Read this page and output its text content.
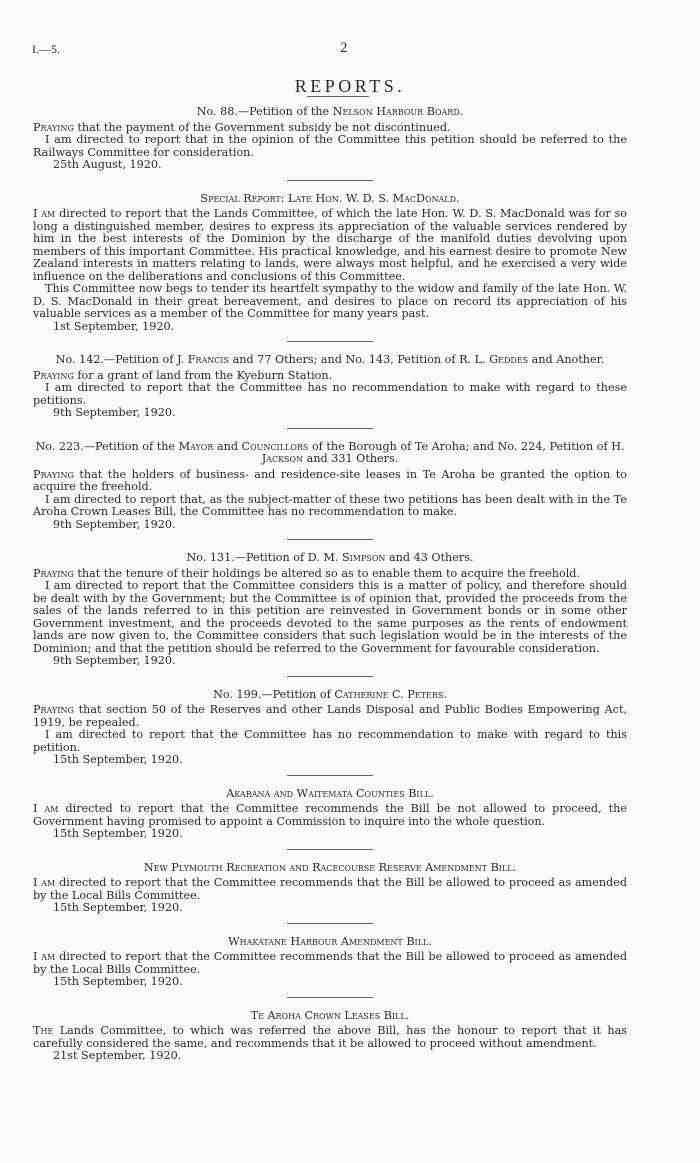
I.—5.	2
REPORTS.
No. 88.—Petition of the Nelson Harbour Board.

Praying that the payment of the Government subsidy be not discontinued.

I am directed to report that in the opinion of the Committee this petition should be referred to the Railways Committee for consideration.

25th August, 1920.

Special Report: Late Hon. W. D. S. MacDonald.

I am directed to report that the Lands Committee, of which the late Hon. W. D. S. MacDonald was for so long a distinguished member, desires to express its appreciation of the valuable services rendered by him in the best interests of the Dominion by the discharge of the manifold duties devolving upon members of this important Committee. His practical knowledge, and his earnest desire to promote New Zealand interests in matters relating to lands, were always most helpful, and he exercised a very wide influence on the deliberations and conclusions of this Committee.

This Committee now begs to tender its heartfelt sympathy to the widow and family of the late Hon. W. D. S. MacDonald in their great bereavement, and desires to place on record its appreciation of his valuable services as a member of the Committee for many years past.

1st September, 1920.

No. 142.—Petition of J. Francis and 77 Others; and No. 143, Petition of R. L. Geddes and Another.

Praying for a grant of land from the Kyeburn Station.

I am directed to report that the Committee has no recommendation to make with regard to these petitions.

9th September, 1920.

No. 223.—Petition of the Mayor and Councillors of the Borough of Te Aroha; and No. 224, Petition of H. Jackson and 331 Others.

Praying that the holders of business- and residence-site leases in Te Aroha be granted the option to acquire the freehold.

I am directed to report that, as the subject-matter of these two petitions has been dealt with in the Te Aroha Crown Leases Bill, the Committee has no recommendation to make.

9th September, 1920.

No. 131.—Petition of D. M. Simpson and 43 Others.

Praying that the tenure of their holdings be altered so as to enable them to acquire the freehold.

I am directed to report that the Committee considers this is a matter of policy, and therefore should be dealt with by the Government; but the Committee is of opinion that, provided the proceeds from the sales of the lands referred to in this petition are reinvested in Government bonds or in some other Government investment, and the proceeds devoted to the same purposes as the rents of endowment lands are now given to, the Committee considers that such legislation would be in the interests of the Dominion; and that the petition should be referred to the Government for favourable consideration.

9th September, 1920.

No. 199.—Petition of Catherine C. Peters.

Praying that section 50 of the Reserves and other Lands Disposal and Public Bodies Empowering Act, 1919, be repealed.

I am directed to report that the Committee has no recommendation to make with regard to this petition.

15th September, 1920.

Akarana and Waitemata Counties Bill.

I am directed to report that the Committee recommends the Bill be not allowed to proceed, the Government having promised to appoint a Commission to inquire into the whole question.

15th September, 1920.

New Plymouth Recreation and Racecourse Reserve Amendment Bill.

I am directed to report that the Committee recommends that the Bill be allowed to proceed as amended by the Local Bills Committee.

15th September, 1920.

Whakatane Harbour Amendment Bill.

I am directed to report that the Committee recommends that the Bill be allowed to proceed as amended by the Local Bills Committee.

15th September, 1920.

Te Aroha Crown Leases Bill.

The Lands Committee, to which was referred the above Bill, has the honour to report that it has carefully considered the same, and recommends that it be allowed to proceed without amendment.

21st September, 1920.
